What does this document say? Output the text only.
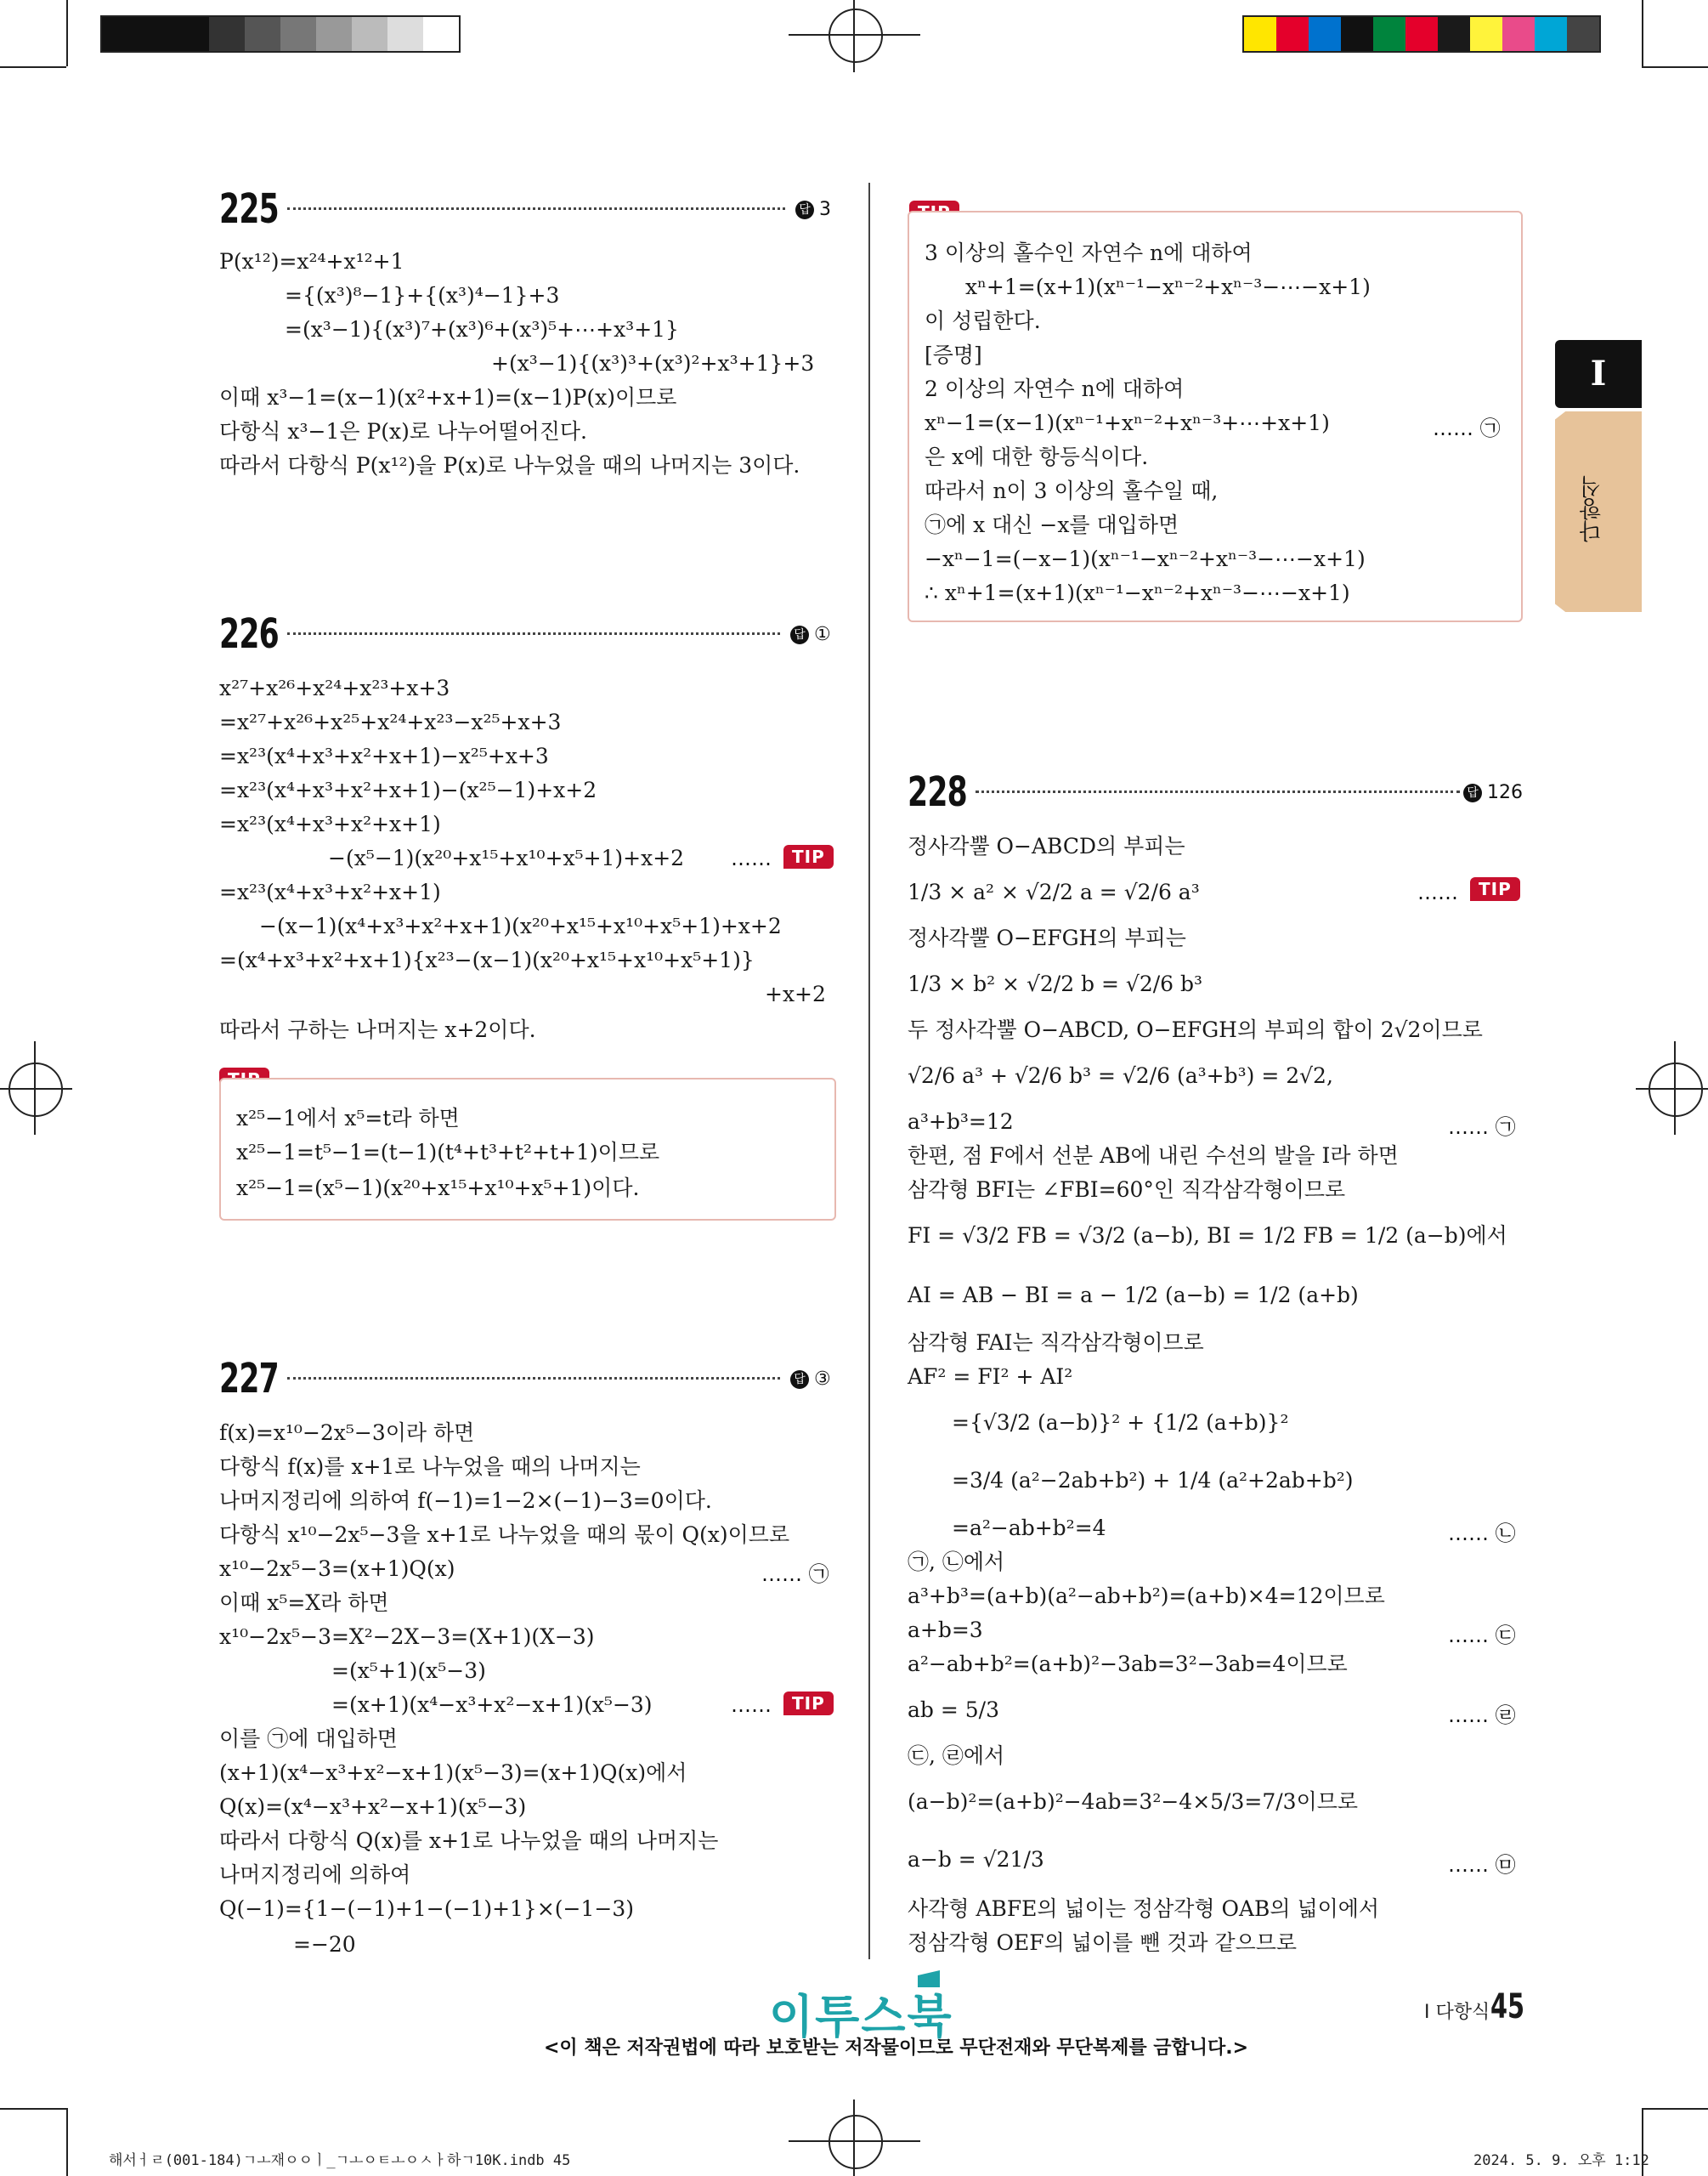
I
다항식
225	답 3
P(x¹²)=x²⁴+x¹²+1
={(x³)⁸−1}+{(x³)⁴−1}+3
=(x³−1){(x³)⁷+(x³)⁶+(x³)⁵+⋯+x³+1}
+(x³−1){(x³)³+(x³)²+x³+1}+3
이때 x³−1=(x−1)(x²+x+1)=(x−1)P(x)이므로
다항식 x³−1은 P(x)로 나누어떨어진다.
따라서 다항식 P(x¹²)을 P(x)로 나누었을 때의 나머지는 3이다.
226	답 ①
x²⁷+x²⁶+x²⁴+x²³+x+3
=x²⁷+x²⁶+x²⁵+x²⁴+x²³−x²⁵+x+3
=x²³(x⁴+x³+x²+x+1)−x²⁵+x+3
=x²³(x⁴+x³+x²+x+1)−(x²⁵−1)+x+2
=x²³(x⁴+x³+x²+x+1)
−(x⁵−1)(x²⁰+x¹⁵+x¹⁰+x⁵+1)+x+2 ……	TIP
=x²³(x⁴+x³+x²+x+1)
−(x−1)(x⁴+x³+x²+x+1)(x²⁰+x¹⁵+x¹⁰+x⁵+1)+x+2
=(x⁴+x³+x²+x+1){x²³−(x−1)(x²⁰+x¹⁵+x¹⁰+x⁵+1)}
+x+2
따라서 구하는 나머지는 x+2이다.
x²⁵−1에서 x⁵=t라 하면
x²⁵−1=t⁵−1=(t−1)(t⁴+t³+t²+t+1)이므로
x²⁵−1=(x⁵−1)(x²⁰+x¹⁵+x¹⁰+x⁵+1)이다.
227	답 ③
f(x)=x¹⁰−2x⁵−3이라 하면
다항식 f(x)를 x+1로 나누었을 때의 나머지는
나머지정리에 의하여 f(−1)=1−2×(−1)−3=0이다.
다항식 x¹⁰−2x⁵−3을 x+1로 나누었을 때의 몫이 Q(x)이므로
x¹⁰−2x⁵−3=(x+1)Q(x)	…… ㉠
이때 x⁵=X라 하면
x¹⁰−2x⁵−3=X²−2X−3=(X+1)(X−3)
=(x⁵+1)(x⁵−3)
=(x+1)(x⁴−x³+x²−x+1)(x⁵−3)	……	TIP
이를 ㉠에 대입하면
(x+1)(x⁴−x³+x²−x+1)(x⁵−3)=(x+1)Q(x)에서
Q(x)=(x⁴−x³+x²−x+1)(x⁵−3)
따라서 다항식 Q(x)를 x+1로 나누었을 때의 나머지는
나머지정리에 의하여
Q(−1)={1−(−1)+1−(−1)+1}×(−1−3)
=−20
3 이상의 홀수인 자연수 n에 대하여
xⁿ+1=(x+1)(xⁿ⁻¹−xⁿ⁻²+xⁿ⁻³−⋯−x+1)
이 성립한다.
[증명]
2 이상의 자연수 n에 대하여
xⁿ−1=(x−1)(xⁿ⁻¹+xⁿ⁻²+xⁿ⁻³+⋯+x+1)	…… ㉠
은 x에 대한 항등식이다.
따라서 n이 3 이상의 홀수일 때,
㉠에 x 대신 −x를 대입하면
−xⁿ−1=(−x−1)(xⁿ⁻¹−xⁿ⁻²+xⁿ⁻³−⋯−x+1)
∴ xⁿ+1=(x+1)(xⁿ⁻¹−xⁿ⁻²+xⁿ⁻³−⋯−x+1)
228	답 126
정사각뿔 O−ABCD의 부피는
1/3 × a² × √2/2 a = √2/6 a³	……	TIP
정사각뿔 O−EFGH의 부피는
1/3 × b² × √2/2 b = √2/6 b³
두 정사각뿔 O−ABCD, O−EFGH의 부피의 합이 2√2이므로
√2/6 a³ + √2/6 b³ = √2/6 (a³+b³) = 2√2,
a³+b³=12	…… ㉠
한편, 점 F에서 선분 AB에 내린 수선의 발을 I라 하면
삼각형 BFI는 ∠FBI=60°인 직각삼각형이므로
FI = √3/2 FB = √3/2 (a−b), BI = 1/2 FB = 1/2 (a−b)에서
AI = AB − BI = a − 1/2 (a−b) = 1/2 (a+b)
삼각형 FAI는 직각삼각형이므로
AF² = FI² + AI²
={√3/2 (a−b)}² + {1/2 (a+b)}²
=3/4 (a²−2ab+b²) + 1/4 (a²+2ab+b²)
=a²−ab+b²=4	…… ㉡
㉠, ㉡에서
a³+b³=(a+b)(a²−ab+b²)=(a+b)×4=12이므로
a+b=3	…… ㉢
a²−ab+b²=(a+b)²−3ab=3²−3ab=4이므로
ab = 5/3	…… ㉣
㉢, ㉣에서
(a−b)²=(a+b)²−4ab=3²−4×5/3=7/3이므로
a−b = √21/3	…… ㉤
사각형 ABFE의 넓이는 정삼각형 OAB의 넓이에서
정삼각형 OEF의 넓이를 뺀 것과 같으므로
이투스북
<이 책은 저작권법에 따라 보호받는 저작물이므로 무단전재와 무단복제를 금합니다.>
I 다항식 45
해서ㅓㄹ(001-184)ㄱㅗ재ㅇㅇㅣ_ㄱㅗㅇㅌㅗㅇㅅㅏ하ㄱ10K.indb 45	2024. 5. 9. 오후 1:12
